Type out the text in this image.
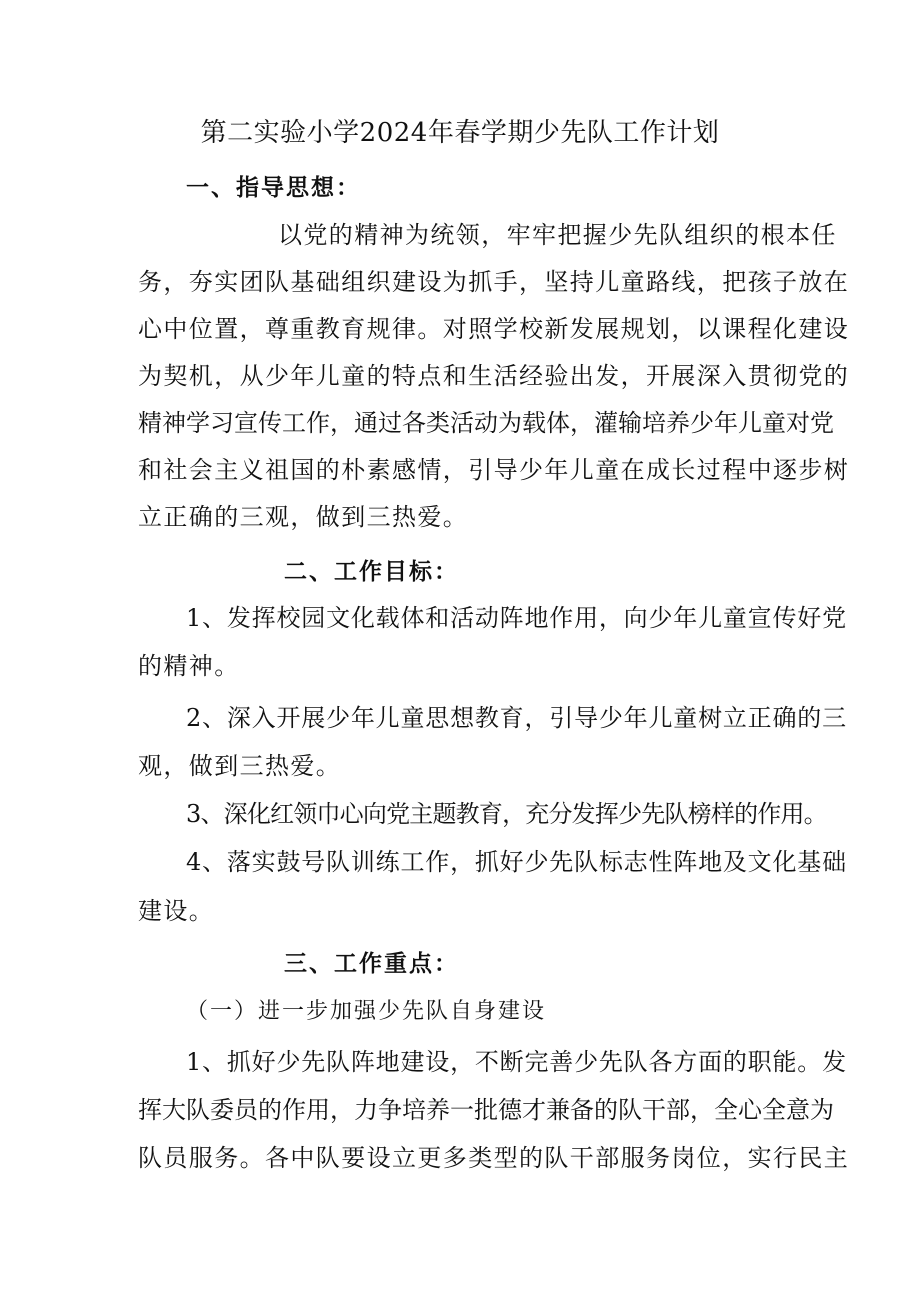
第二实验小学2024年春学期少先队工作计划
一、指导思想：
以党的精神为统领，牢牢把握少先队组织的根本任
务，夯实团队基础组织建设为抓手，坚持儿童路线，把孩子放在
心中位置，尊重教育规律。对照学校新发展规划，以课程化建设
为契机，从少年儿童的特点和生活经验出发，开展深入贯彻党的
精神学习宣传工作，通过各类活动为载体，灌输培养少年儿童对党
和社会主义祖国的朴素感情，引导少年儿童在成长过程中逐步树
立正确的三观，做到三热爱。
二、工作目标：
1、发挥校园文化载体和活动阵地作用，向少年儿童宣传好党
的精神。
2、深入开展少年儿童思想教育，引导少年儿童树立正确的三
观，做到三热爱。
3、深化红领巾心向党主题教育，充分发挥少先队榜样的作用。
4、落实鼓号队训练工作，抓好少先队标志性阵地及文化基础
建设。
三、工作重点：
（一）进一步加强少先队自身建设
1、抓好少先队阵地建设，不断完善少先队各方面的职能。发
挥大队委员的作用，力争培养一批德才兼备的队干部，全心全意为
队员服务。各中队要设立更多类型的队干部服务岗位，实行民主
